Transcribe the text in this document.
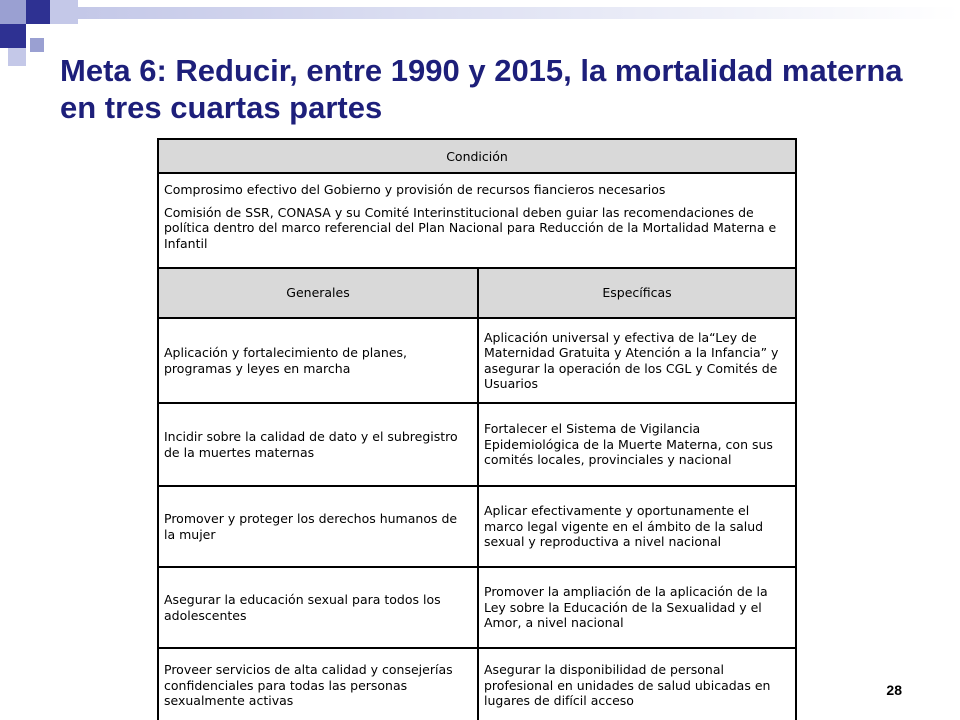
Meta 6: Reducir, entre 1990 y 2015, la mortalidad materna en tres cuartas partes
Condición
Comprosimo efectivo del Gobierno y provisión de recursos fiancieros necesarios
Comisión de SSR, CONASA y su Comité Interinstitucional deben guiar las recomendaciones de política dentro del marco referencial del Plan Nacional para Reducción de la Mortalidad Materna e Infantil
Generales	Específicas
Aplicación y fortalecimiento de planes, programas y leyes en marcha
Aplicación universal y efectiva de la“Ley de Maternidad Gratuita y Atención a la Infancia” y asegurar la operación de los CGL y Comités de Usuarios
Incidir sobre la calidad de dato y el subregistro de la muertes maternas
Fortalecer el Sistema de Vigilancia Epidemiológica de la Muerte Materna, con sus comités locales, provinciales y nacional
Promover y proteger los derechos humanos de la mujer
Aplicar efectivamente y oportunamente el marco legal vigente en el ámbito de la salud sexual y reproductiva a nivel nacional
Asegurar la educación sexual para todos los adolescentes
Promover la ampliación de la aplicación de la Ley sobre la Educación de la Sexualidad y el Amor, a nivel nacional
Proveer servicios de alta calidad y consejerías confidenciales para todas las personas sexualmente activas
Asegurar la disponibilidad de personal profesional en unidades de salud ubicadas en lugares de difícil acceso
28
